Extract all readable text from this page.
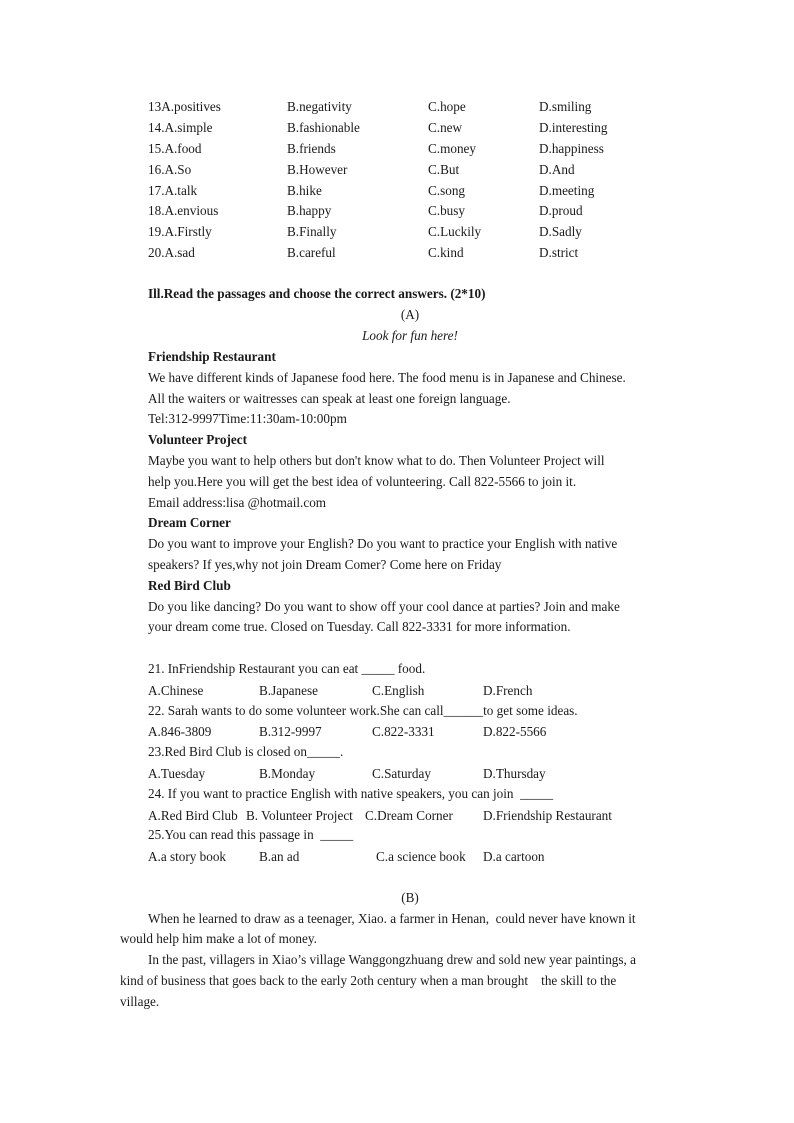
13A.positives	B.negativity	C.hope	D.smiling
14.A.simple	B.fashionable	C.new	D.interesting
15.A.food	B.friends	C.money	D.happiness
16.A.So	B.However	C.But	D.And
17.A.talk	B.hike	C.song	D.meeting
18.A.envious	B.happy	C.busy	D.proud
19.A.Firstly	B.Finally	C.Luckily	D.Sadly
20.A.sad	B.careful	C.kind	D.strict
Ill.Read the passages and choose the correct answers. (2*10)
(A)
Look for fun here!
Friendship Restaurant
We have different kinds of Japanese food here. The food menu is in Japanese and Chinese.
All the waiters or waitresses can speak at least one foreign language.
Tel:312-9997Time:11:30am-10:00pm
Volunteer Project
Maybe you want to help others but don't know what to do. Then Volunteer Project will
help you.Here you will get the best idea of volunteering. Call 822-5566 to join it.
Email address:lisa @hotmail.com
Dream Corner
Do you want to improve your English? Do you want to practice your English with native
speakers? If yes,why not join Dream Comer? Come here on Friday
Red Bird Club
Do you like dancing? Do you want to show off your cool dance at parties? Join and make
your dream come true. Closed on Tuesday. Call 822-3331 for more information.
21. InFriendship Restaurant you can eat _____ food.
A.Chinese	B.Japanese	C.English	D.French
22. Sarah wants to do some volunteer work.She can call______to get some ideas.
A.846-3809	B.312-9997	C.822-3331	D.822-5566
23.Red Bird Club is closed on_____.
A.Tuesday	B.Monday	C.Saturday	D.Thursday
24. If you want to practice English with native speakers, you can join  _____
A.Red Bird Club B. Volunteer Project C.Dream Corner D.Friendship Restaurant
25.You can read this passage in  _____
A.a story book B.an ad	C.a science book D.a cartoon
(B)
When he learned to draw as a teenager, Xiao. a farmer in Henan,  could never have known it
would help him make a lot of money.
In the past, villagers in Xiao’s village Wanggongzhuang drew and sold new year paintings, a
kind of business that goes back to the early 2oth century when a man brought    the skill to the
village.
